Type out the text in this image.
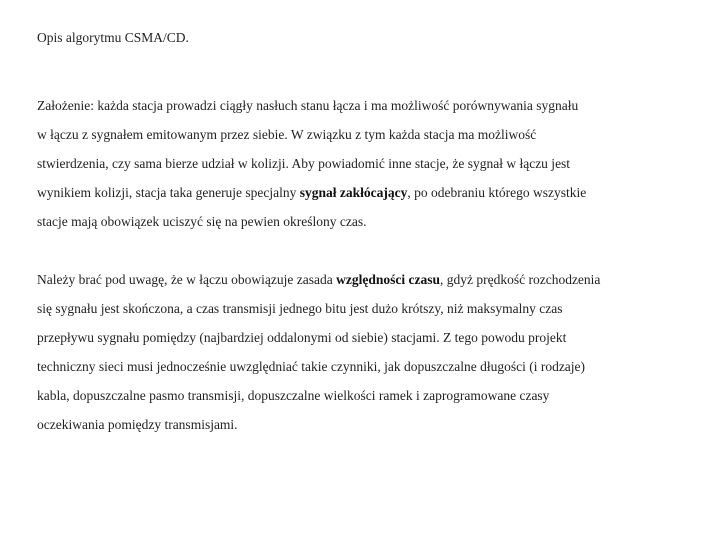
Opis algorytmu CSMA/CD.

Założenie: każda stacja prowadzi ciągły nasłuch stanu łącza i ma możliwość porównywania sygnału
w łączu z sygnałem emitowanym przez siebie. W związku z tym każda stacja ma możliwość
stwierdzenia, czy sama bierze udział w kolizji. Aby powiadomić inne stacje, że sygnał w łączu jest
wynikiem kolizji, stacja taka generuje specjalny sygnał zakłócający, po odebraniu którego wszystkie
stacje mają obowiązek uciszyć się na pewien określony czas.
Należy brać pod uwagę, że w łączu obowiązuje zasada względności czasu, gdyż prędkość rozchodzenia
się sygnału jest skończona, a czas transmisji jednego bitu jest dużo krótszy, niż maksymalny czas
przepływu sygnału pomiędzy (najbardziej oddalonymi od siebie) stacjami. Z tego powodu projekt
techniczny sieci musi jednocześnie uwzględniać takie czynniki, jak dopuszczalne długości (i rodzaje)
kabla, dopuszczalne pasmo transmisji, dopuszczalne wielkości ramek i zaprogramowane czasy
oczekiwania pomiędzy transmisjami.
